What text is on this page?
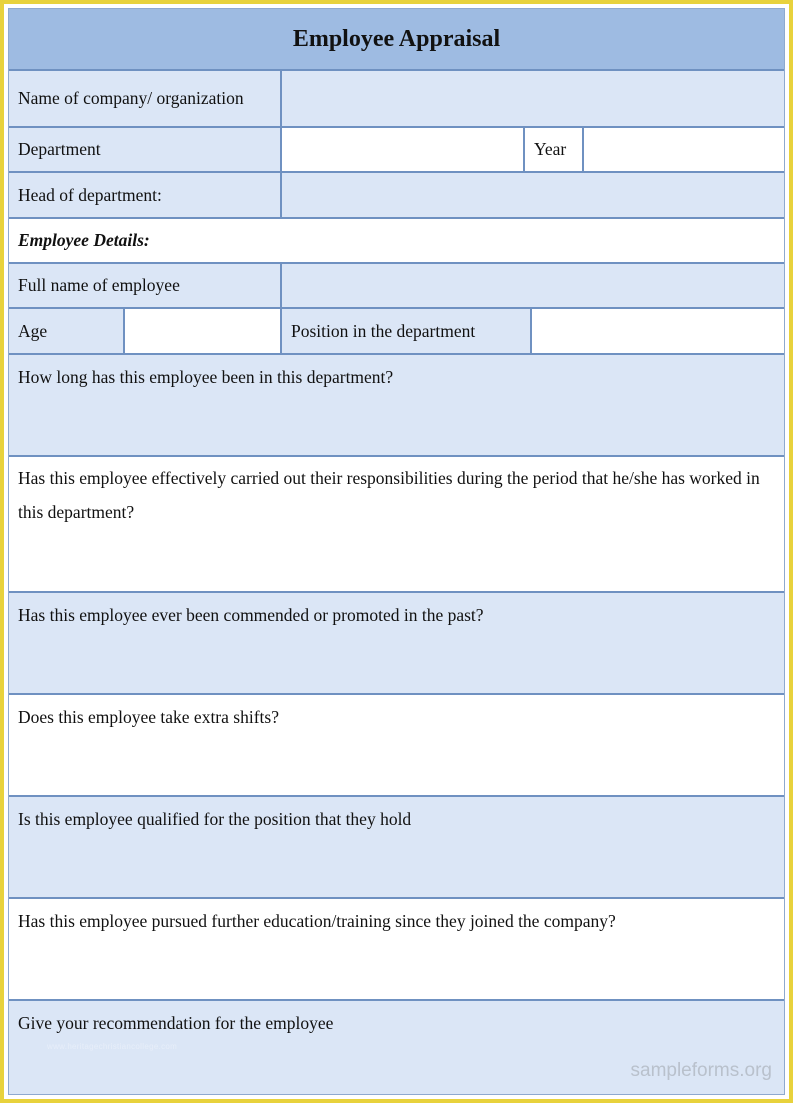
Employee Appraisal
Name of company/ organization
Department	Year
Head of department:
Employee Details:
Full name of employee
Age	Position in the department
How long has this employee been in this department?
Has this employee effectively carried out their responsibilities during the period that he/she has worked in this department?
Has this employee ever been commended or promoted in the past?
Does this employee take extra shifts?
Is this employee qualified for the position that they hold
Has this employee pursued further education/training since they joined the company?
Give your recommendation for the employee
www.heritagechristiancollege.com
sampleforms.org
